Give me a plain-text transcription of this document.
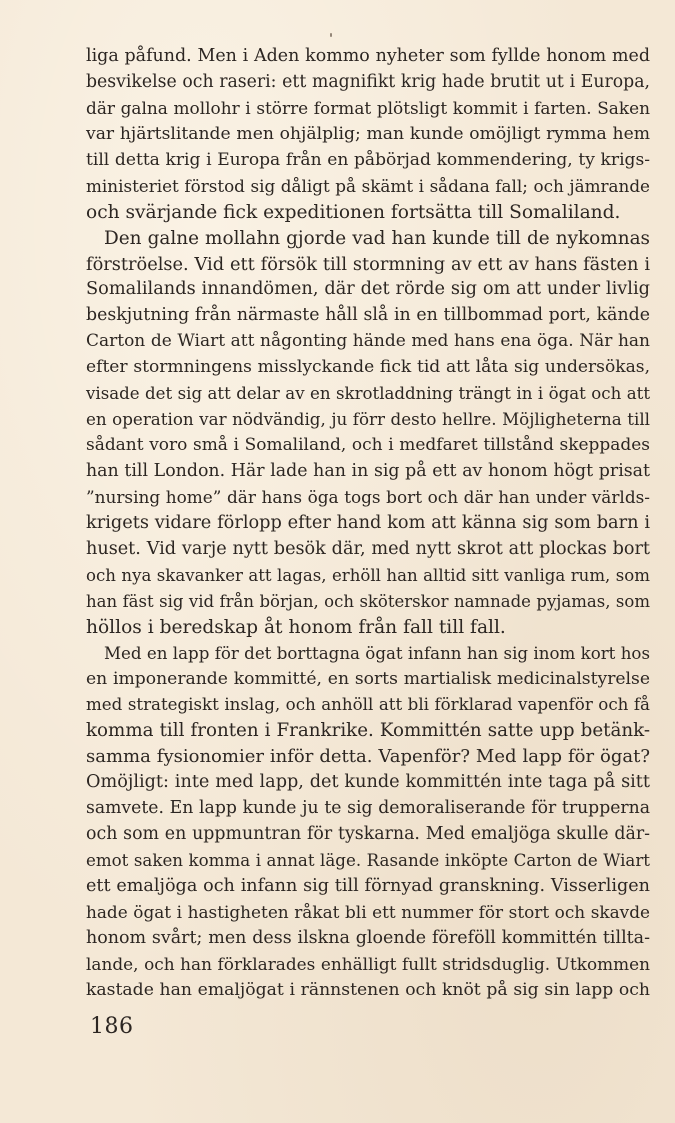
liga påfund. Men i Aden kommo nyheter som fyllde honom med
besvikelse och raseri: ett magnifikt krig hade brutit ut i Europa,
där galna mollohr i större format plötsligt kommit i farten. Saken
var hjärtslitande men ohjälplig; man kunde omöjligt rymma hem
till detta krig i Europa från en påbörjad kommendering, ty krigs-
ministeriet förstod sig dåligt på skämt i sådana fall; och jämrande
och svärjande fick expeditionen fortsätta till Somaliland.
Den galne mollahn gjorde vad han kunde till de nykomnas
förströelse. Vid ett försök till stormning av ett av hans fästen i
Somalilands innandömen, där det rörde sig om att under livlig
beskjutning från närmaste håll slå in en tillbommad port, kände
Carton de Wiart att någonting hände med hans ena öga. När han
efter stormningens misslyckande fick tid att låta sig undersökas,
visade det sig att delar av en skrotladdning trängt in i ögat och att
en operation var nödvändig, ju förr desto hellre. Möjligheterna till
sådant voro små i Somaliland, och i medfaret tillstånd skeppades
han till London. Här lade han in sig på ett av honom högt prisat
”nursing home” där hans öga togs bort och där han under världs-
krigets vidare förlopp efter hand kom att känna sig som barn i
huset. Vid varje nytt besök där, med nytt skrot att plockas bort
och nya skavanker att lagas, erhöll han alltid sitt vanliga rum, som
han fäst sig vid från början, och sköterskor namnade pyjamas, som
höllos i beredskap åt honom från fall till fall.
Med en lapp för det borttagna ögat infann han sig inom kort hos
en imponerande kommitté, en sorts martialisk medicinalstyrelse
med strategiskt inslag, och anhöll att bli förklarad vapenför och få
komma till fronten i Frankrike. Kommittén satte upp betänk-
samma fysionomier inför detta. Vapenför? Med lapp för ögat?
Omöjligt: inte med lapp, det kunde kommittén inte taga på sitt
samvete. En lapp kunde ju te sig demoraliserande för trupperna
och som en uppmuntran för tyskarna. Med emaljöga skulle där-
emot saken komma i annat läge. Rasande inköpte Carton de Wiart
ett emaljöga och infann sig till förnyad granskning. Visserligen
hade ögat i hastigheten råkat bli ett nummer för stort och skavde
honom svårt; men dess ilskna gloende föreföll kommittén tillta-
lande, och han förklarades enhälligt fullt stridsduglig. Utkommen
kastade han emaljögat i rännstenen och knöt på sig sin lapp och
186
